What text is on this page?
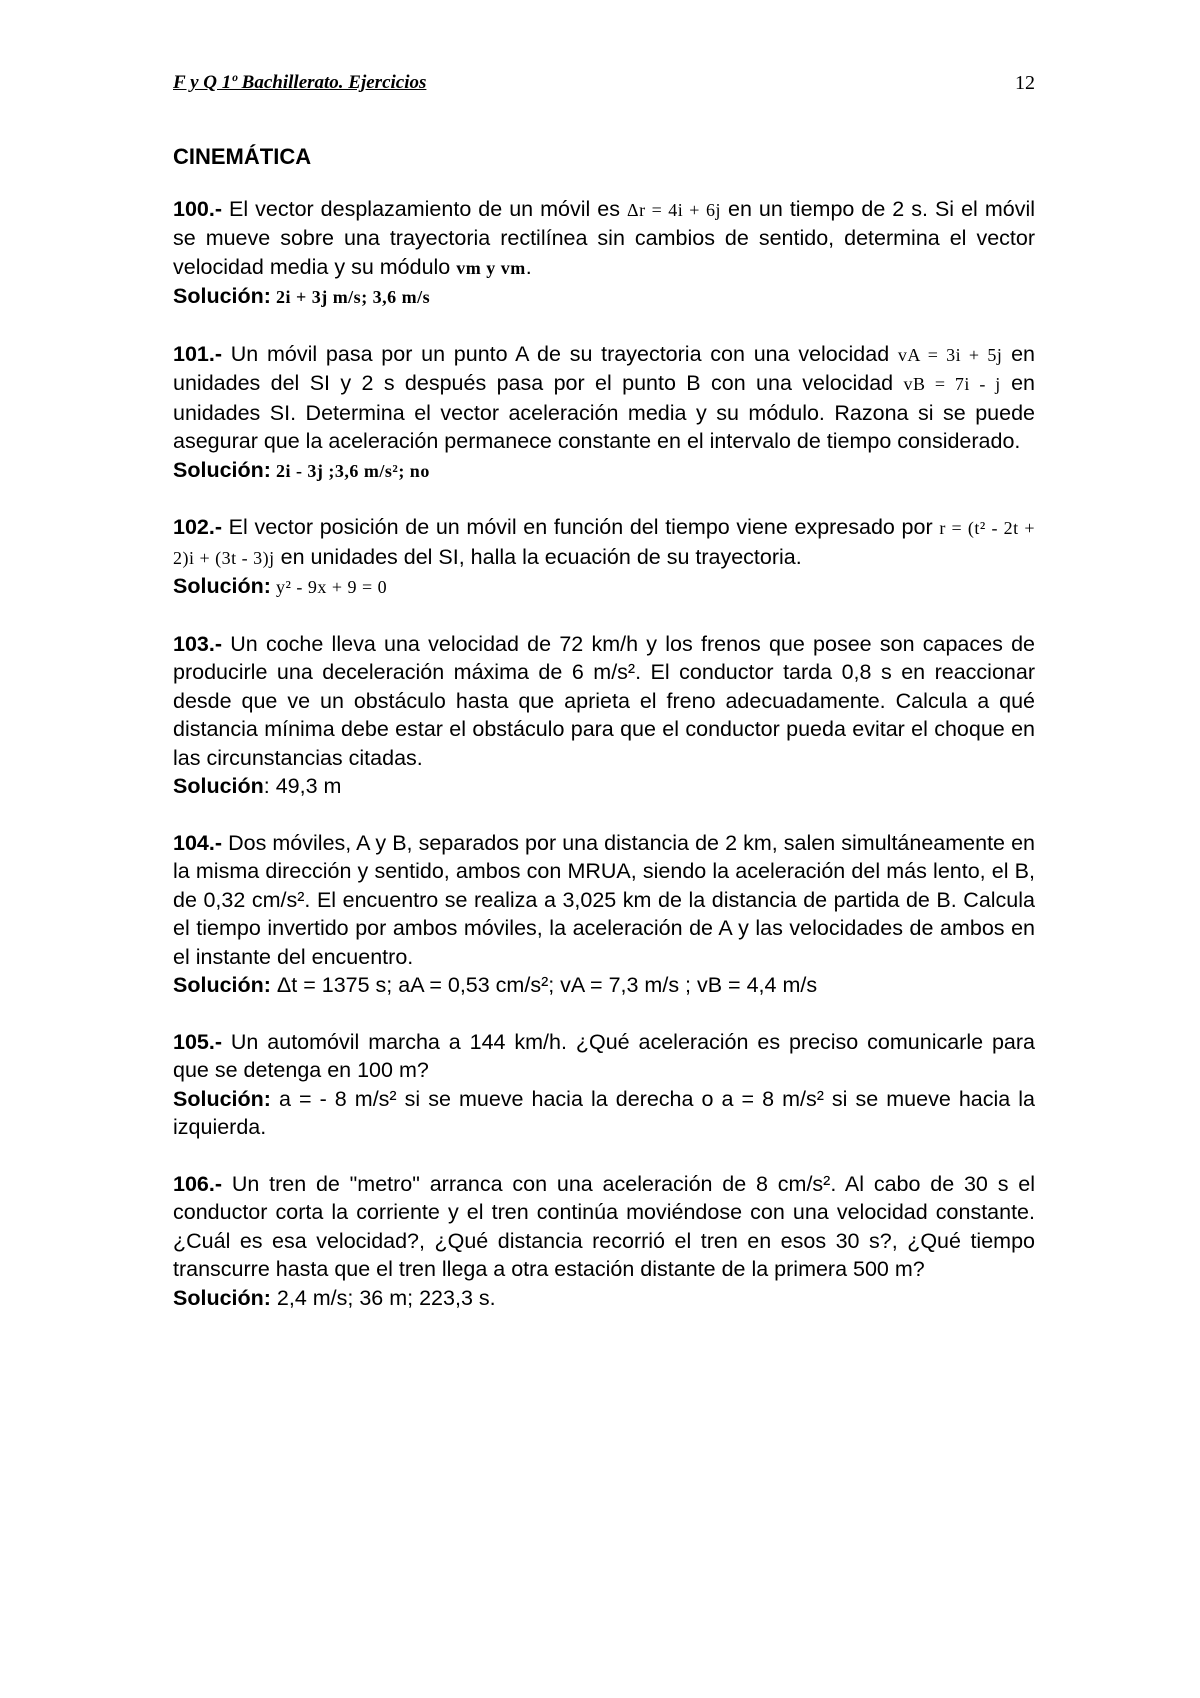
F y Q 1º Bachillerato. Ejercicios	12
CINEMÁTICA

100.- El vector desplazamiento de un móvil es Δr = 4i + 6j en un tiempo de 2 s. Si el móvil se mueve sobre una trayectoria rectilínea sin cambios de sentido, determina el vector velocidad media y su módulo vm y vm.

Solución: 2i + 3j m/s; 3,6 m/s

101.- Un móvil pasa por un punto A de su trayectoria con una velocidad vA = 3i + 5j en unidades del SI y 2 s después pasa por el punto B con una velocidad vB = 7i - j en unidades SI. Determina el vector aceleración media y su módulo. Razona si se puede asegurar que la aceleración permanece constante en el intervalo de tiempo considerado.

Solución: 2i - 3j ;3,6 m/s²; no

102.- El vector posición de un móvil en función del tiempo viene expresado por r = (t² - 2t + 2)i + (3t - 3)j en unidades del SI, halla la ecuación de su trayectoria.

Solución: y² - 9x + 9 = 0

103.- Un coche lleva una velocidad de 72 km/h y los frenos que posee son capaces de producirle una deceleración máxima de 6 m/s². El conductor tarda 0,8 s en reaccionar desde que ve un obstáculo hasta que aprieta el freno adecuadamente. Calcula a qué distancia mínima debe estar el obstáculo para que el conductor pueda evitar el choque en las circunstancias citadas.

Solución: 49,3 m

104.- Dos móviles, A y B, separados por una distancia de 2 km, salen simultáneamente en la misma dirección y sentido, ambos con MRUA, siendo la aceleración del más lento, el B, de 0,32 cm/s². El encuentro se realiza a 3,025 km de la distancia de partida de B. Calcula el tiempo invertido por ambos móviles, la aceleración de A y las velocidades de ambos en el instante del encuentro.

Solución: Δt = 1375 s; aA = 0,53 cm/s²; vA = 7,3 m/s ; vB = 4,4 m/s

105.- Un automóvil marcha a 144 km/h. ¿Qué aceleración es preciso comunicarle para que se detenga en 100 m?

Solución: a = - 8 m/s² si se mueve hacia la derecha o a = 8 m/s² si se mueve hacia la izquierda.

106.- Un tren de "metro" arranca con una aceleración de 8 cm/s². Al cabo de 30 s el conductor corta la corriente y el tren continúa moviéndose con una velocidad constante. ¿Cuál es esa velocidad?, ¿Qué distancia recorrió el tren en esos 30 s?, ¿Qué tiempo transcurre hasta que el tren llega a otra estación distante de la primera 500 m?

Solución: 2,4 m/s; 36 m; 223,3 s.
